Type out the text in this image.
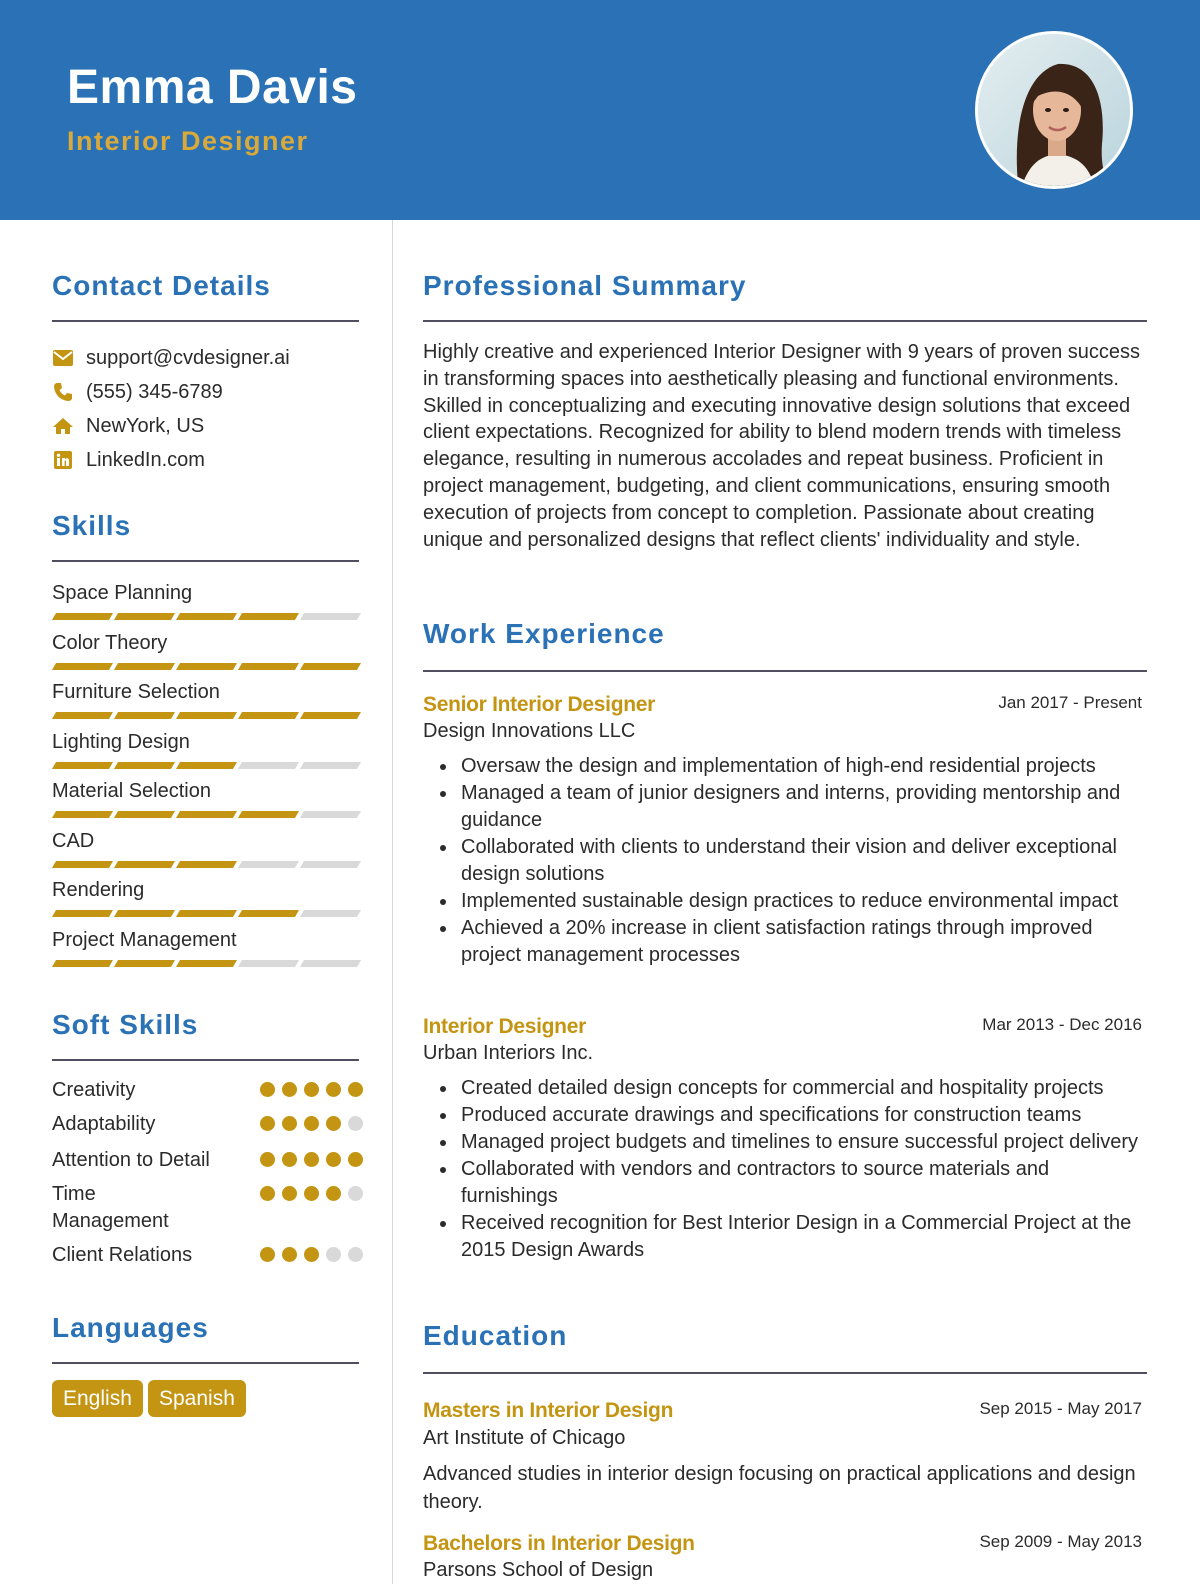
Emma Davis
Interior Designer
Contact Details
support@cvdesigner.ai
(555) 345-6789
NewYork, US
LinkedIn.com
Skills
Space Planning
Color Theory
Furniture Selection
Lighting Design
Material Selection
CAD
Rendering
Project Management
Soft Skills
Creativity
Adaptability
Attention to Detail
Time Management
Client Relations
Languages
English	Spanish
Professional Summary
Highly creative and experienced Interior Designer with 9 years of proven success in transforming spaces into aesthetically pleasing and functional environments. Skilled in conceptualizing and executing innovative design solutions that exceed client expectations. Recognized for ability to blend modern trends with timeless elegance, resulting in numerous accolades and repeat business. Proficient in project management, budgeting, and client communications, ensuring smooth execution of projects from concept to completion. Passionate about creating unique and personalized designs that reflect clients' individuality and style.
Work Experience
Senior Interior Designer	Jan 2017 - Present
Design Innovations LLC
Oversaw the design and implementation of high-end residential projects
Managed a team of junior designers and interns, providing mentorship and guidance
Collaborated with clients to understand their vision and deliver exceptional design solutions
Implemented sustainable design practices to reduce environmental impact
Achieved a 20% increase in client satisfaction ratings through improved project management processes
Interior Designer	Mar 2013 - Dec 2016
Urban Interiors Inc.
Created detailed design concepts for commercial and hospitality projects
Produced accurate drawings and specifications for construction teams
Managed project budgets and timelines to ensure successful project delivery
Collaborated with vendors and contractors to source materials and furnishings
Received recognition for Best Interior Design in a Commercial Project at the 2015 Design Awards
Education
Masters in Interior Design	Sep 2015 - May 2017
Art Institute of Chicago
Advanced studies in interior design focusing on practical applications and design theory.
Bachelors in Interior Design	Sep 2009 - May 2013
Parsons School of Design
